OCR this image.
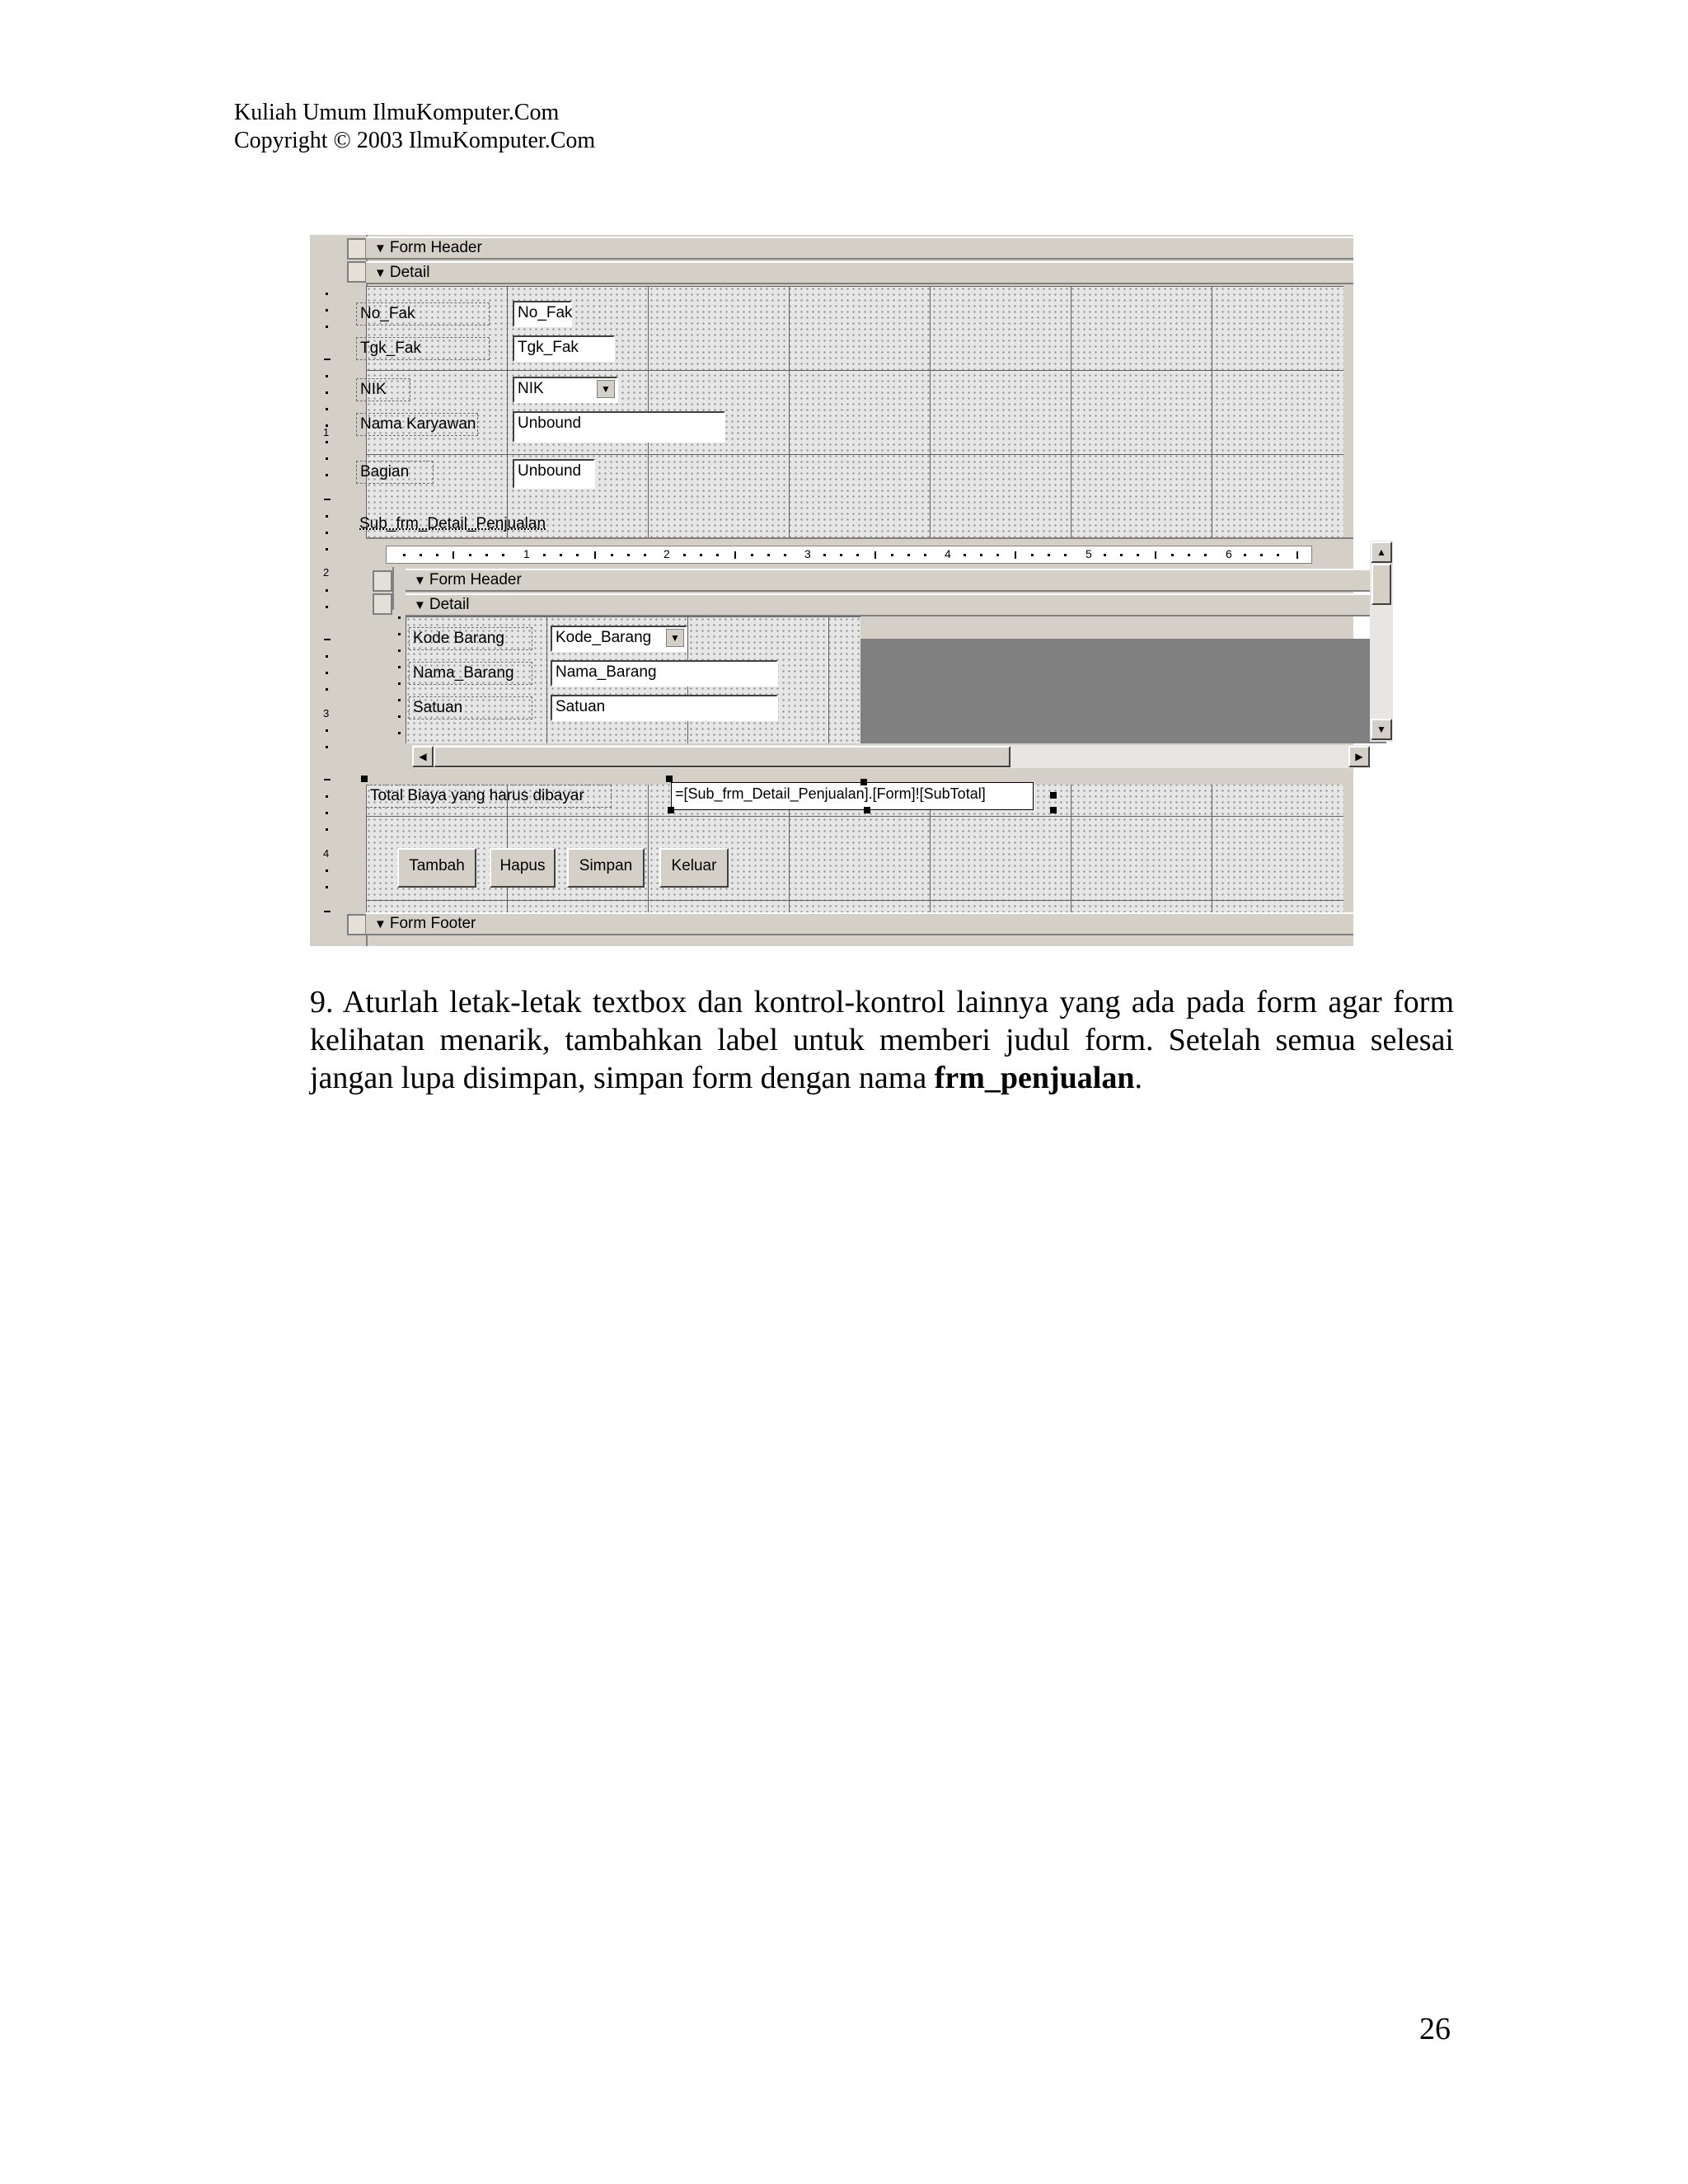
Kuliah Umum IlmuKomputer.Com
Copyright © 2003 IlmuKomputer.Com
1
2
3
4
▼ Form Header
▼ Detail
No_Fak	No_Fak
Tgk_Fak	Tgk_Fak
NIK	NIK	▼
Nama Karyawan	Unbound
Bagian	Unbound
Sub_frm_Detail_Penjualan
1	2	3	4	5	6
▼ Form Header
▼ Detail
Kode Barang	Kode_Barang	▼
Nama_Barang	Nama_Barang
Satuan	Satuan
▲
▼
◀	▶
Total Biaya yang harus dibayar	=[Sub_frm_Detail_Penjualan].[Form]![SubTotal]
Tambah	Hapus	Simpan	Keluar
▼ Form Footer
9. Aturlah letak-letak textbox dan kontrol-kontrol lainnya yang ada pada form agar form kelihatan menarik, tambahkan label untuk memberi judul form. Setelah semua selesai jangan lupa disimpan, simpan form dengan nama frm_penjualan.
26
